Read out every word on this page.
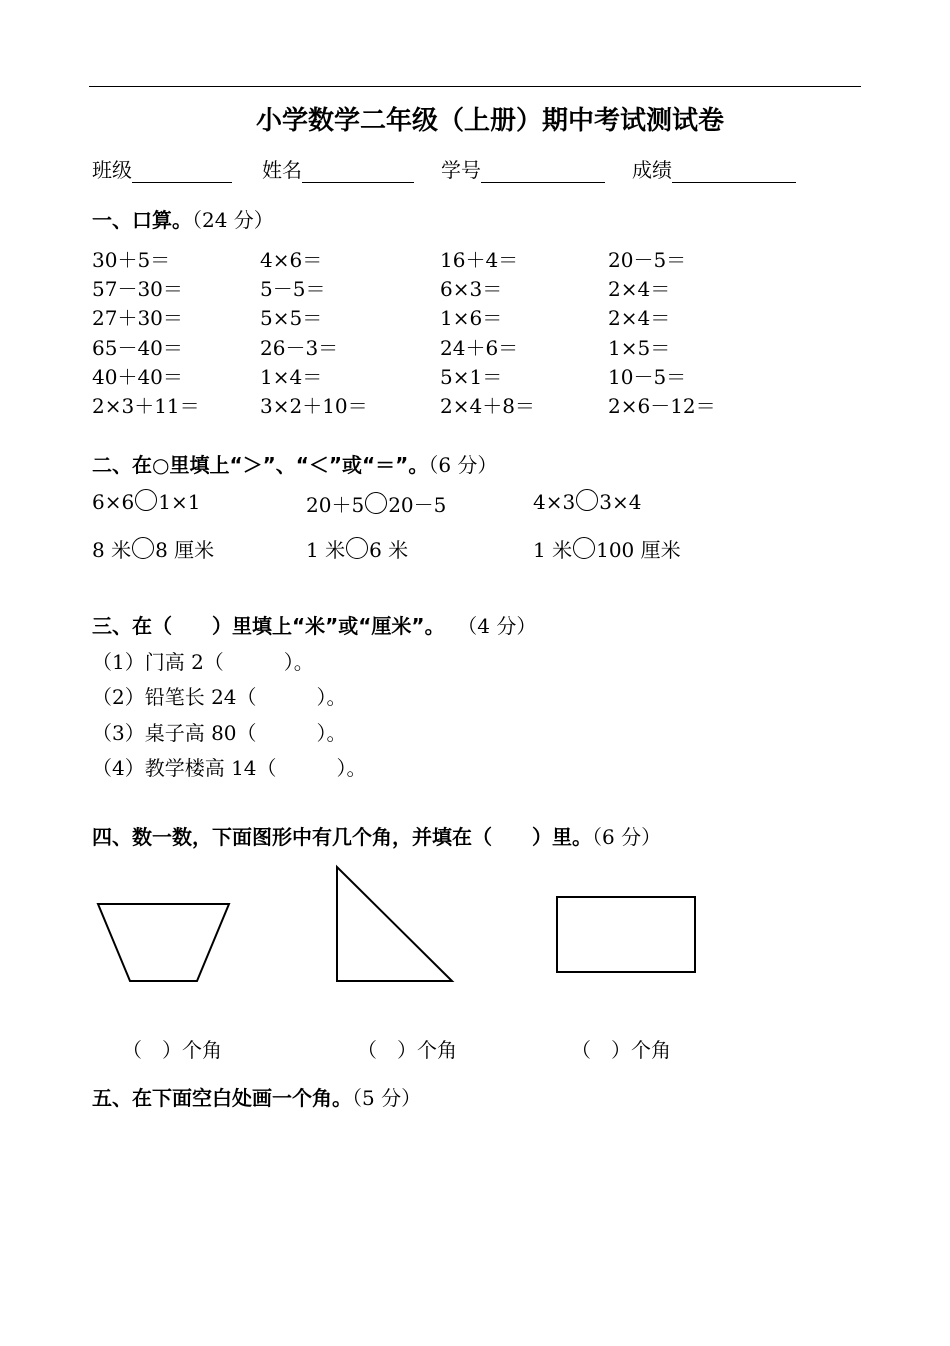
小学数学二年级（上册）期中考试测试卷
班级	姓名	学号	成绩
一、口算。（24 分）
30＋5＝	4×6＝	16＋4＝	20－5＝
57－30＝	5－5＝	6×3＝	2×4＝
27＋30＝	5×5＝	1×6＝	2×4＝
65－40＝	26－3＝	24＋6＝	1×5＝
40＋40＝	1×4＝	5×1＝	10－5＝
2×3＋11＝	3×2＋10＝	2×4＋8＝	2×6－12＝
二、在○里填上“＞”、“＜”或“＝”。（6 分）
6×6 1×1	20＋5 20－5	4×3 3×4
8 米 8 厘米	1 米 6 米	1 米 100 厘米
三、在（　　）里填上“米”或“厘米”。 （4 分）
（1）门高 2（　　　）。
（2）铅笔长 24（　　　）。
（3）桌子高 80（　　　）。
（4）教学楼高 14（　　　）。
四、数一数，下面图形中有几个角，并填在（　　）里。（6 分）
（　）个角	（　）个角	（　）个角
五、在下面空白处画一个角。（5 分）
